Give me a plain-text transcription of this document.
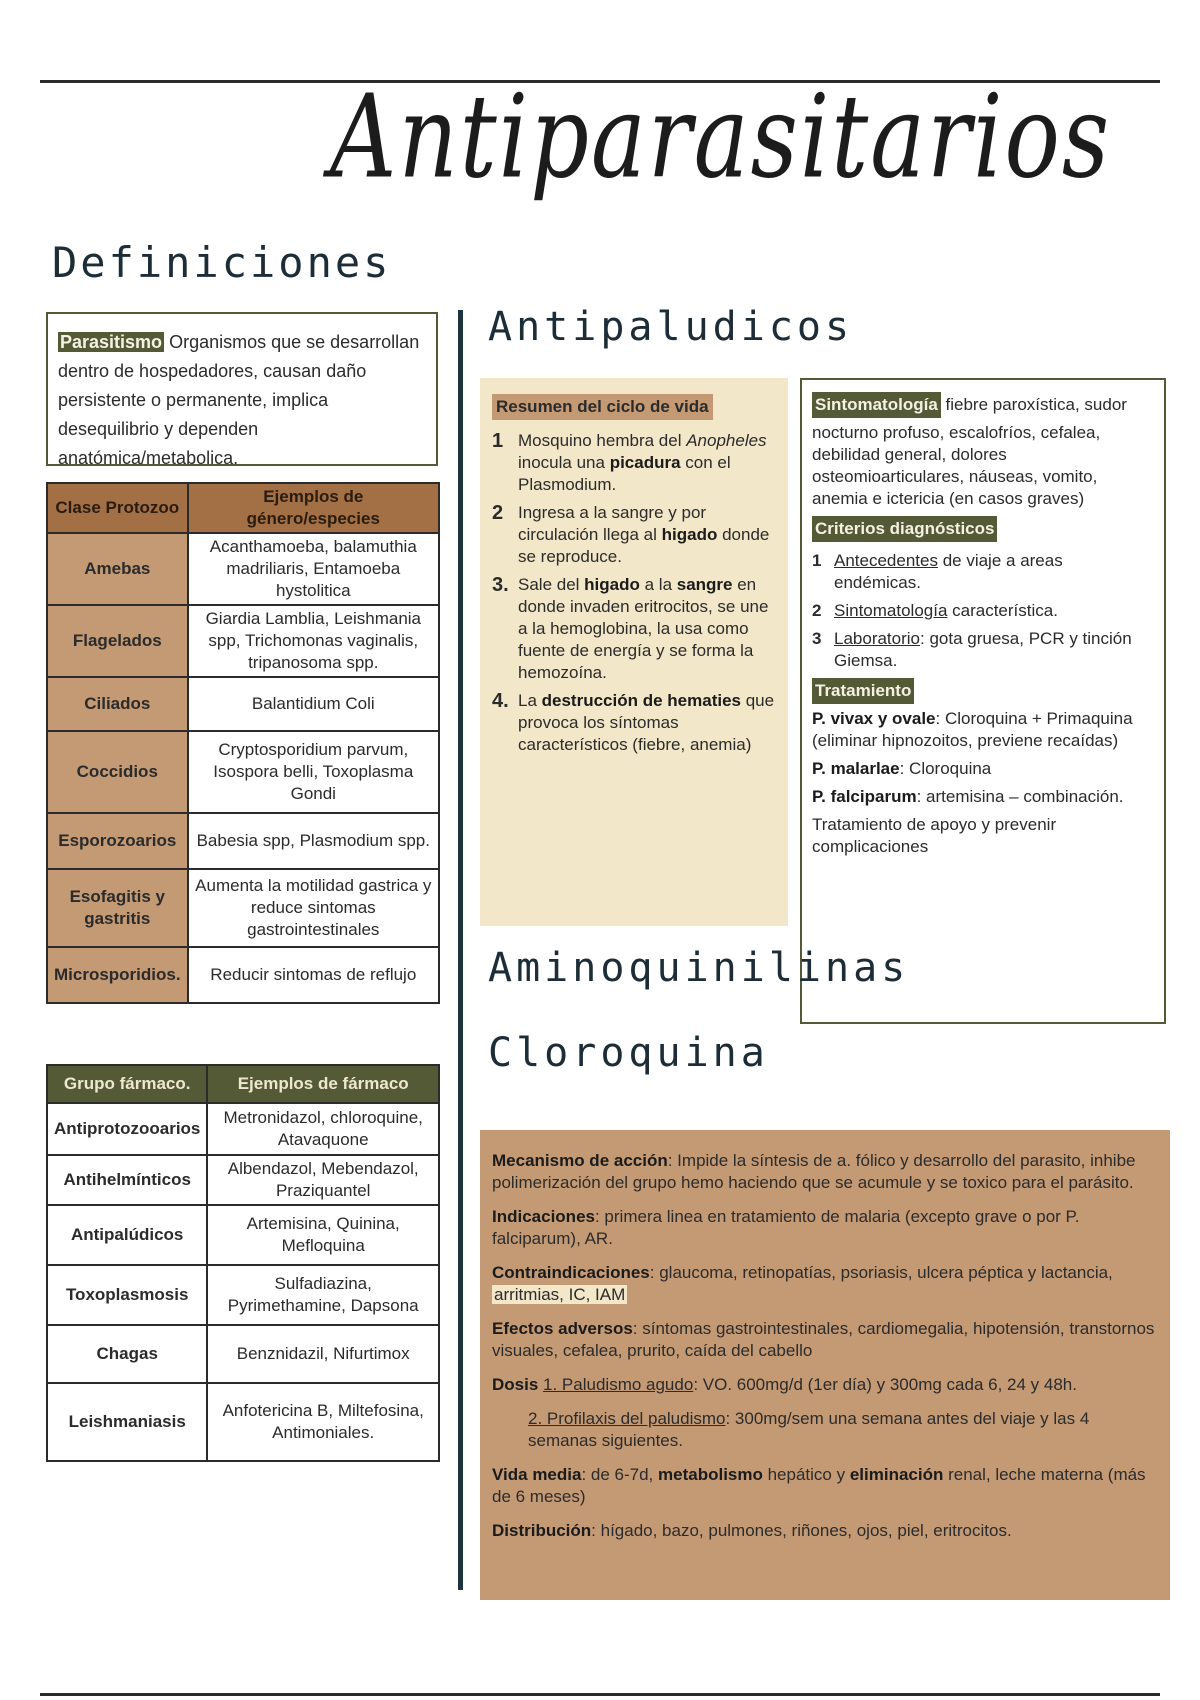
Antiparasitarios
Definiciones
Parasitismo Organismos que se desarrollan dentro de hospedadores, causan daño persistente o permanente, implica desequilibrio y dependen anatómica/metabolica.
Clase Protozoo	Ejemplos de género/especies
Amebas	Acanthamoeba, balamuthia madriliaris, Entamoeba hystolitica
Flagelados	Giardia Lamblia, Leishmania spp, Trichomonas vaginalis, tripanosoma spp.
Ciliados	Balantidium Coli
Coccidios	Cryptosporidium parvum, Isospora belli, Toxoplasma Gondi
Esporozoarios	Babesia spp, Plasmodium spp.
Esofagitis y gastritis	Aumenta la motilidad gastrica y reduce sintomas gastrointestinales
Microsporidios.	Reducir sintomas de reflujo
Grupo fármaco.	Ejemplos de fármaco
Antiprotozooarios	Metronidazol, chloroquine, Atavaquone
Antihelmínticos	Albendazol, Mebendazol, Praziquantel
Antipalúdicos	Artemisina, Quinina, Mefloquina
Toxoplasmosis	Sulfadiazina, Pyrimethamine, Dapsona
Chagas	Benznidazil, Nifurtimox
Leishmaniasis	Anfotericina B, Miltefosina, Antimoniales.
Antipaludicos
Resumen del ciclo de vida
1 Mosquino hembra del Anopheles inocula una picadura con el Plasmodium.
2 Ingresa a la sangre y por circulación llega al higado donde se reproduce.
3. Sale del higado a la sangre en donde invaden eritrocitos, se une a la hemoglobina, la usa como fuente de energía y se forma la hemozoína.
4. La destrucción de hematies que provoca los síntomas característicos (fiebre, anemia)

Sintomatología fiebre paroxística, sudor nocturno profuso, escalofríos, cefalea, debilidad general, dolores osteomioarticulares, náuseas, vomito, anemia e ictericia (en casos graves)

Criterios diagnósticos
1 Antecedentes de viaje a areas endémicas.
2 Sintomatología característica.
3 Laboratorio: gota gruesa, PCR y tinción Giemsa.
Tratamiento

P. vivax y ovale: Cloroquina + Primaquina (eliminar hipnozoitos, previene recaídas)

P. malarlae: Cloroquina

P. falciparum: artemisina – combinación.

Tratamiento de apoyo y prevenir complicaciones

Aminoquinilinas
Cloroquina

Mecanismo de acción: Impide la síntesis de a. fólico y desarrollo del parasito, inhibe polimerización del grupo hemo haciendo que se acumule y se toxico para el parásito.

Indicaciones: primera linea en tratamiento de malaria (excepto grave o por P. falciparum), AR.

Contraindicaciones: glaucoma, retinopatías, psoriasis, ulcera péptica y lactancia, arritmias, IC, IAM

Efectos adversos: síntomas gastrointestinales, cardiomegalia, hipotensión, transtornos visuales, cefalea, prurito, caída del cabello

Dosis 1. Paludismo agudo: VO. 600mg/d (1er día) y 300mg cada 6, 24 y 48h.

2. Profilaxis del paludismo: 300mg/sem una semana antes del viaje y las 4 semanas siguientes.

Vida media: de 6-7d, metabolismo hepático y eliminación renal, leche materna (más de 6 meses)

Distribución: hígado, bazo, pulmones, riñones, ojos, piel, eritrocitos.
